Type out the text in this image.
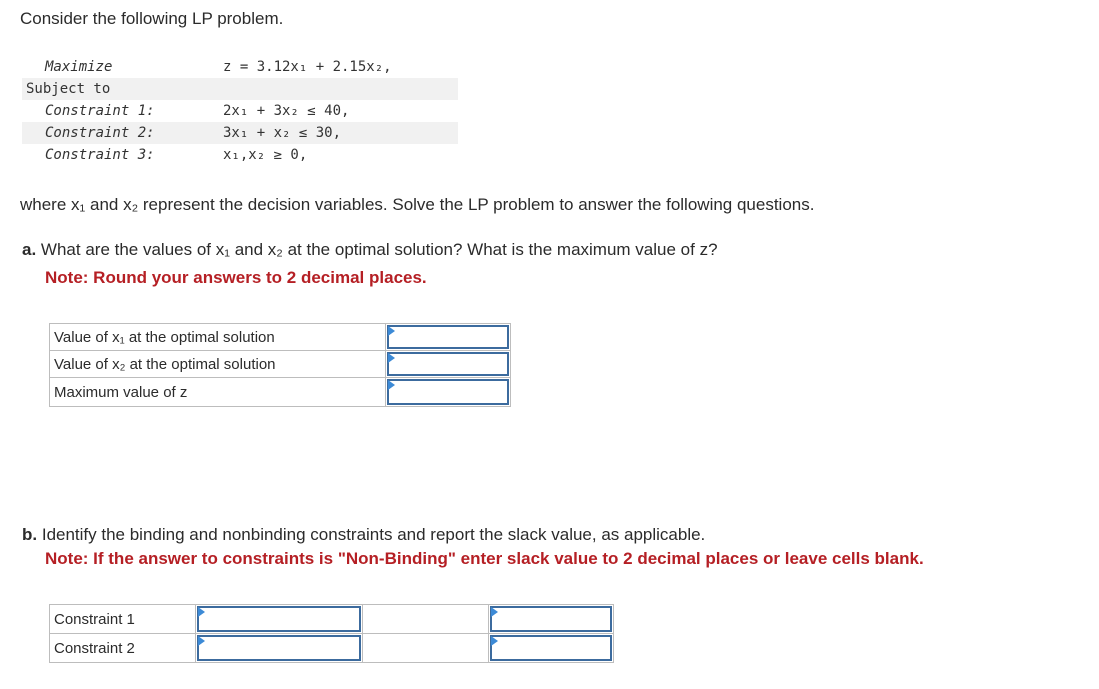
Consider the following LP problem.
Maximize	z = 3.12x₁ + 2.15x₂,
Subject to
Constraint 1:	2x₁ + 3x₂ ≤ 40,
Constraint 2:	3x₁ + x₂ ≤ 30,
Constraint 3:	x₁,x₂ ≥ 0,
where x₁ and x₂ represent the decision variables. Solve the LP problem to answer the following questions.
a. What are the values of x₁ and x₂ at the optimal solution? What is the maximum value of z?
Note: Round your answers to 2 decimal places.
Value of x₁ at the optimal solution	

Value of x₂ at the optimal solution	

Maximum value of z	
b. Identify the binding and nonbinding constraints and report the slack value, as applicable.
Note: If the answer to constraints is "Non-Binding" enter slack value to 2 decimal places or leave cells blank.
Constraint 1	

Constraint 2	
